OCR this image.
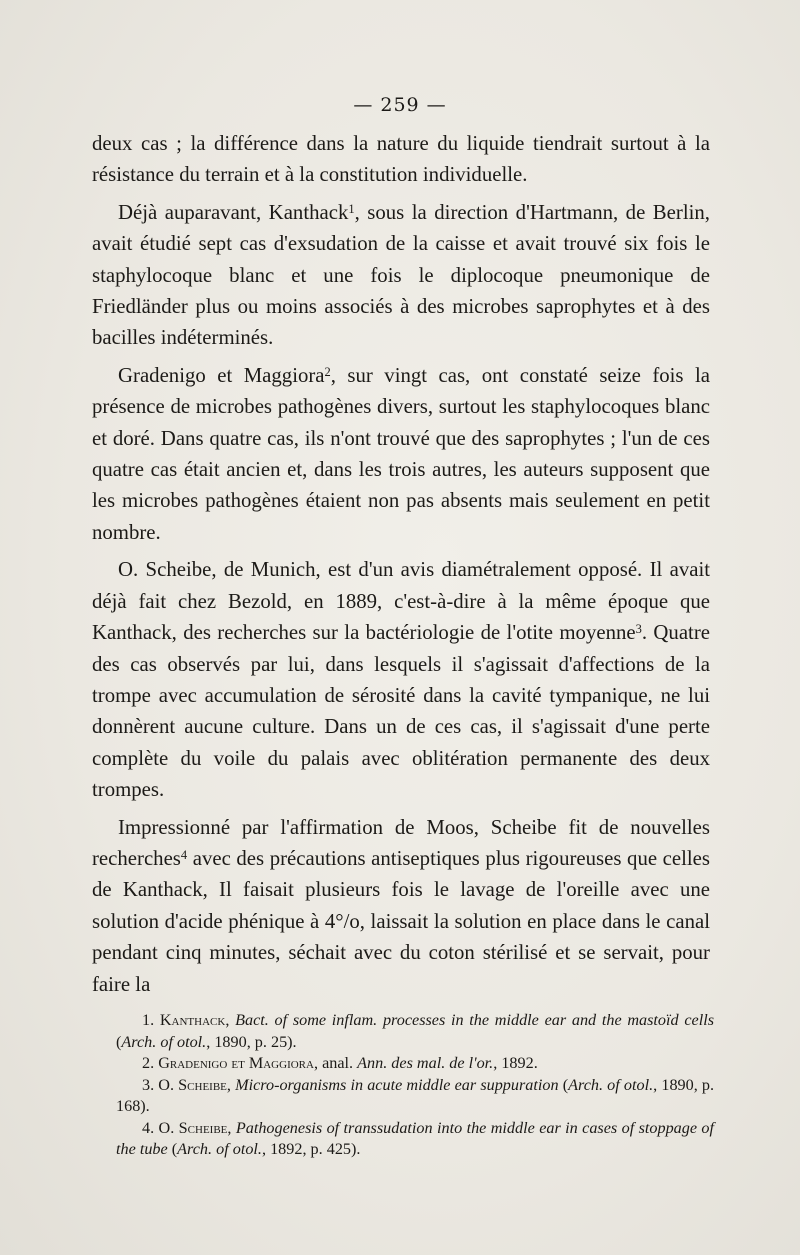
— 259 —

deux cas ; la différence dans la nature du liquide tiendrait surtout à la résistance du terrain et à la constitution individuelle.

Déjà auparavant, Kanthack$^1$, sous la direction d'Hartmann, de Berlin, avait étudié sept cas d'exsudation de la caisse et avait trouvé six fois le staphylocoque blanc et une fois le diplocoque pneumonique de Friedländer plus ou moins associés à des microbes saprophytes et à des bacilles indéterminés.

Gradenigo et Maggiora$^2$, sur vingt cas, ont constaté seize fois la présence de microbes pathogènes divers, surtout les staphylocoques blanc et doré. Dans quatre cas, ils n'ont trouvé que des saprophytes ; l'un de ces quatre cas était ancien et, dans les trois autres, les auteurs supposent que les microbes pathogènes étaient non pas absents mais seulement en petit nombre.

O. Scheibe, de Munich, est d'un avis diamétralement opposé. Il avait déjà fait chez Bezold, en 1889, c'est-à-dire à la même époque que Kanthack, des recherches sur la bactériologie de l'otite moyenne$^3$. Quatre des cas observés par lui, dans lesquels il s'agissait d'affections de la trompe avec accumulation de sérosité dans la cavité tympanique, ne lui donnèrent aucune culture. Dans un de ces cas, il s'agissait d'une perte complète du voile du palais avec oblitération permanente des deux trompes.

Impressionné par l'affirmation de Moos, Scheibe fit de nouvelles recherches$^4$ avec des précautions antiseptiques plus rigoureuses que celles de Kanthack, Il faisait plusieurs fois le lavage de l'oreille avec une solution d'acide phénique à 4°/o, laissait la solution en place dans le canal pendant cinq minutes, séchait avec du coton stérilisé et se servait, pour faire la

1. Kanthack, Bact. of some inflam. processes in the middle ear and the mastoïd cells (Arch. of otol., 1890, p. 25).

2. Gradenigo et Maggiora, anal. Ann. des mal. de l'or., 1892.

3. O. Scheibe, Micro-organisms in acute middle ear suppuration (Arch. of otol., 1890, p. 168).

4. O. Scheibe, Pathogenesis of transsudation into the middle ear in cases of stoppage of the tube (Arch. of otol., 1892, p. 425).
